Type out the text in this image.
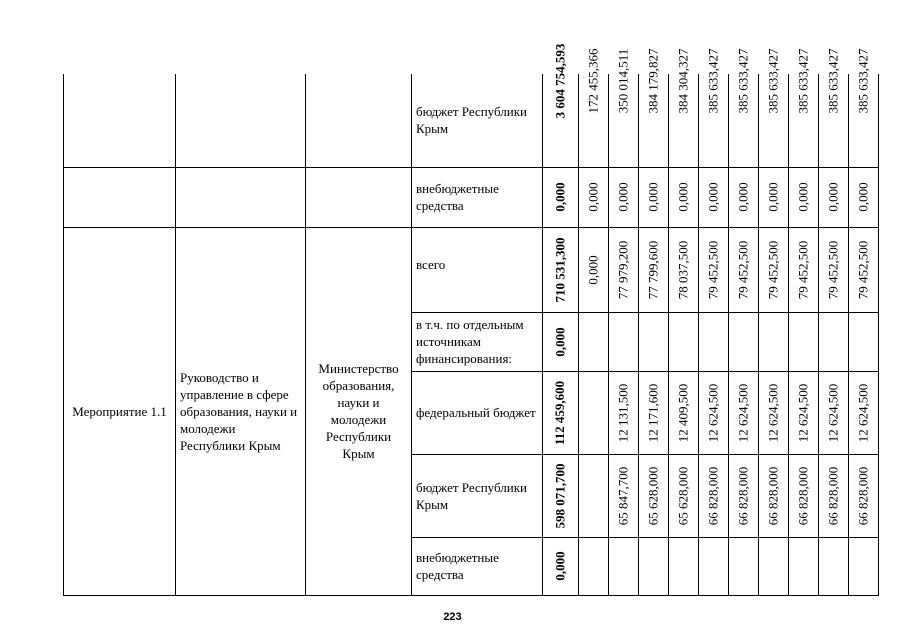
			бюджет Республики Крым	3 604 754,593	172 455,366	350 014,511	384 179,827	384 304,327	385 633,427	385 633,427	385 633,427	385 633,427	385 633,427	385 633,427

			внебюджетные средства	0,000	0,000	0,000	0,000	0,000	0,000	0,000	0,000	0,000	0,000	0,000

Мероприятие 1.1	Руководство и управление в сфере образования, науки и молодежи Республики Крым	Министерство образования, науки и молодежи Республики Крым	всего	710 531,300	0,000	77 979,200	77 799,600	78 037,500	79 452,500	79 452,500	79 452,500	79 452,500	79 452,500	79 452,500

			в т.ч. по отдельным источникам финансирования:	0,000										

			федеральный бюджет	112 459,600		12 131,500	12 171,600	12 409,500	12 624,500	12 624,500	12 624,500	12 624,500	12 624,500	12 624,500

			бюджет Республики Крым	598 071,700		65 847,700	65 628,000	65 628,000	66 828,000	66 828,000	66 828,000	66 828,000	66 828,000	66 828,000

			внебюджетные средства	0,000										

223
